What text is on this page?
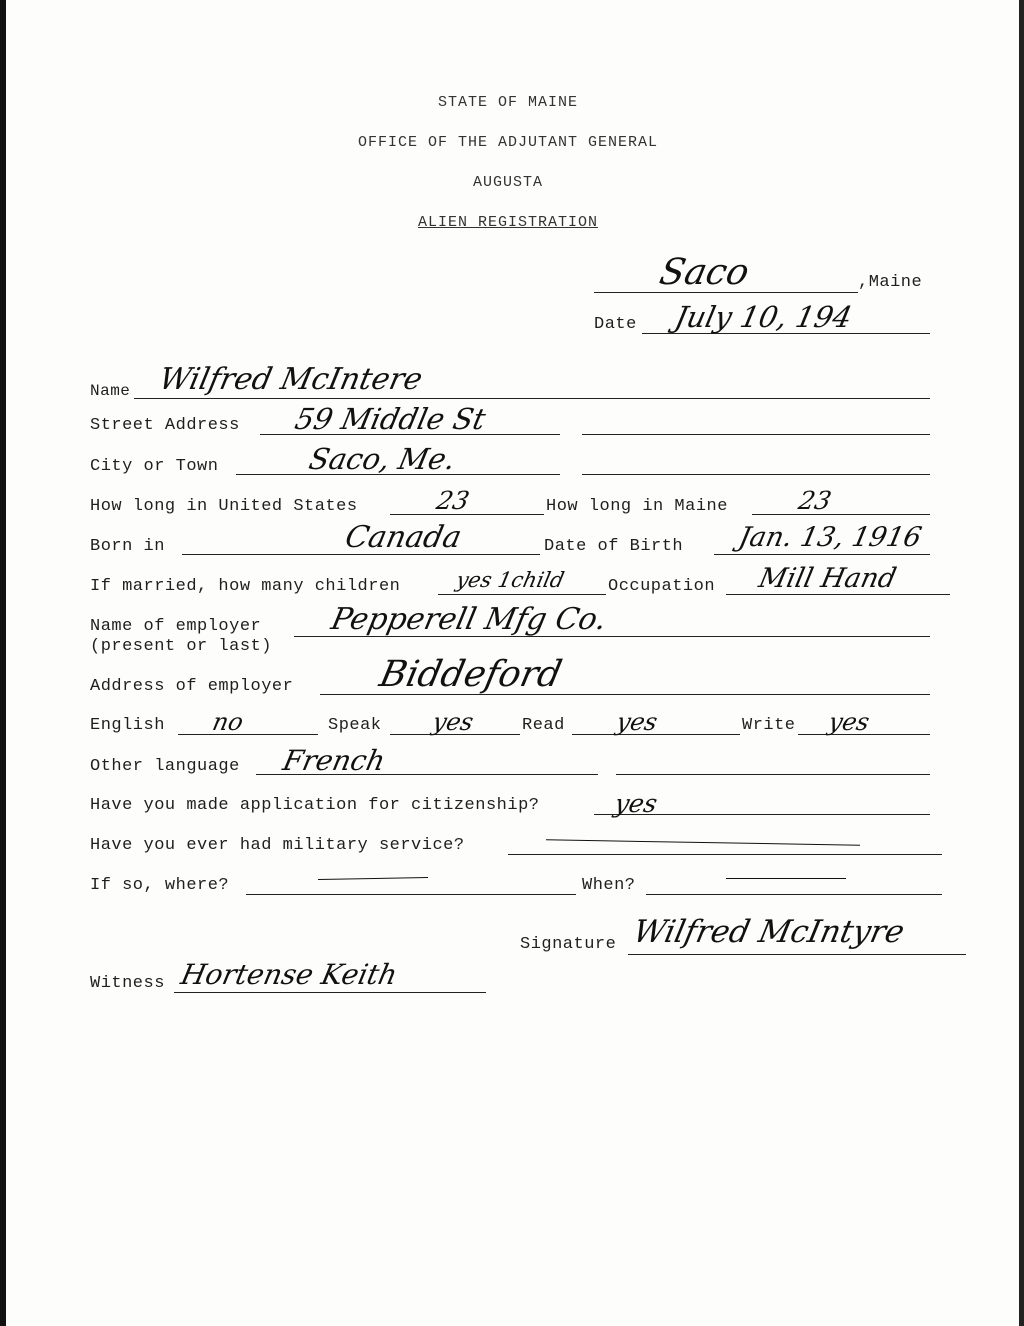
STATE OF MAINE
OFFICE OF THE ADJUTANT GENERAL
AUGUSTA
ALIEN REGISTRATION
Saco	,Maine
Date July 10, 194
Name Wilfred McIntere
Street Address 59 Middle St
City or Town	Saco, Me.
How long in United States	23	How long in Maine	23
Born in	Canada	Date of Birth Jan. 13, 1916
If married, how many children	yes 1child Occupation Mill Hand
Name of employer
(present or last)
Pepperell Mfg Co.
Address of employer Biddeford
English no	Speak yes	Read yes	Write yes
Other language French
Have you made application for citizenship?	yes
Have you ever had military service?
If so, where?	When?
Signature Wilfred McIntyre
Witness Hortense Keith
